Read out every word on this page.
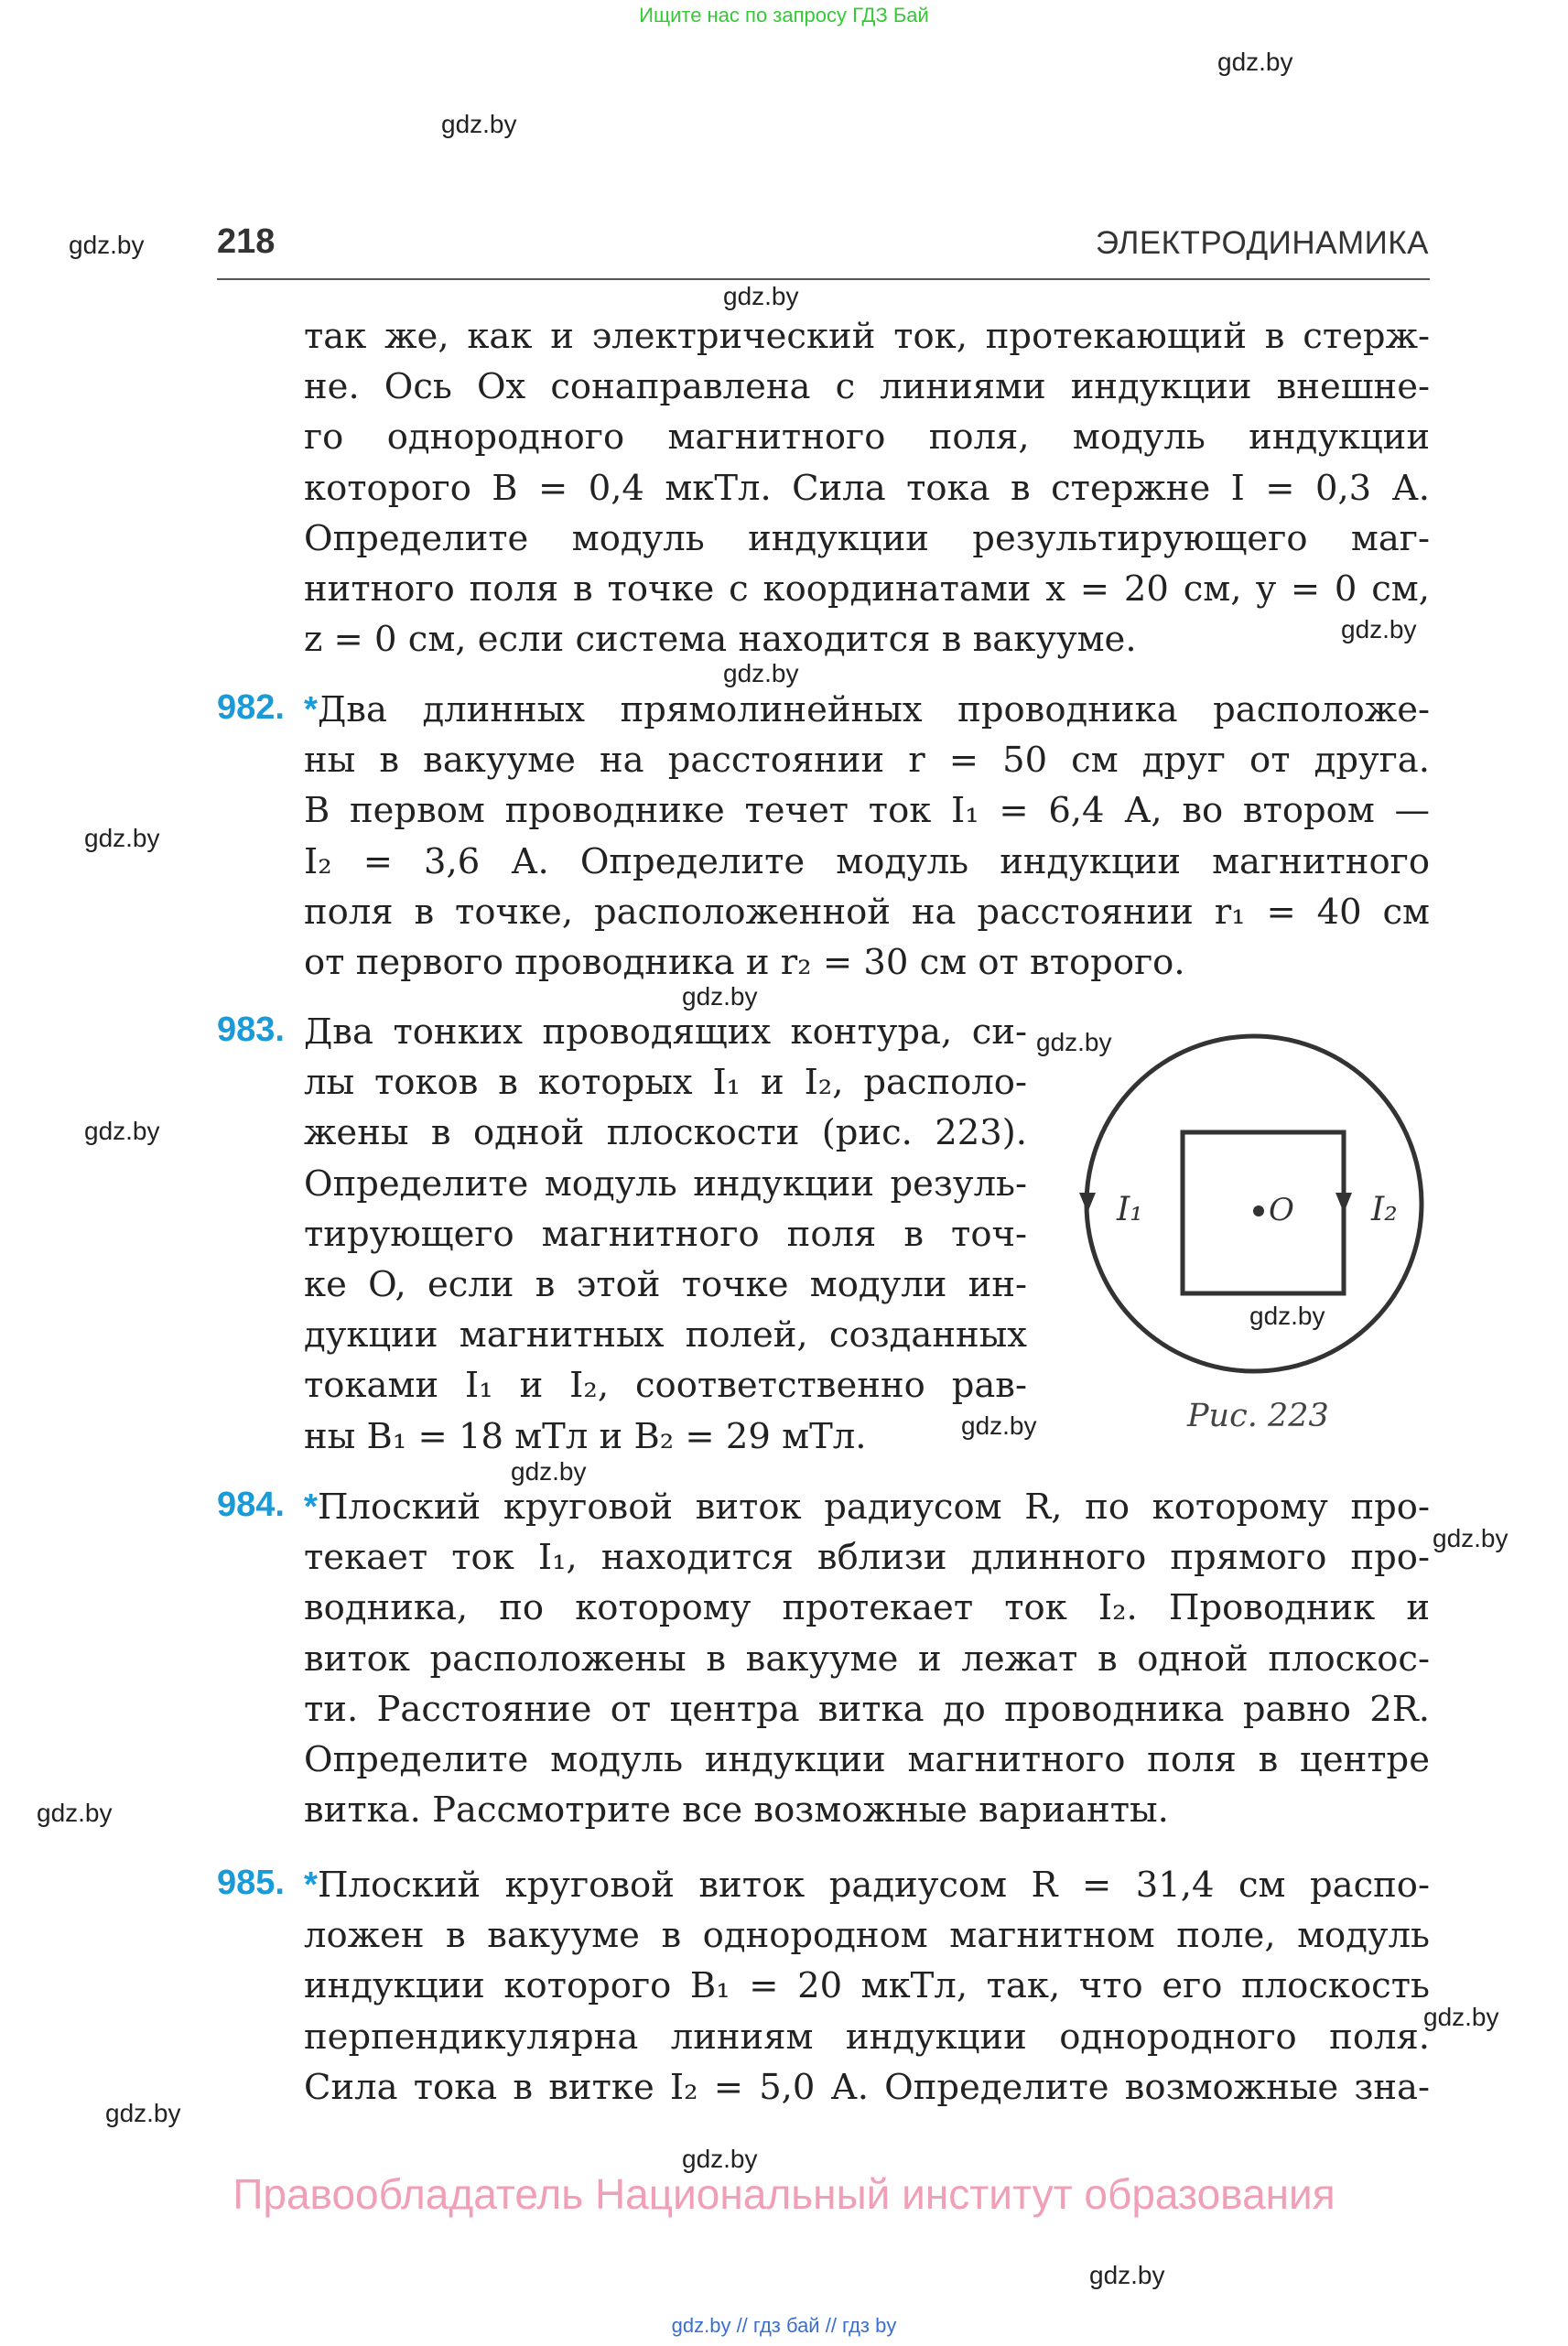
Ищите нас по запросу ГДЗ Бай
gdz.by
gdz.by
gdz.by
gdz.by
gdz.by
gdz.by
gdz.by
gdz.by
gdz.by
gdz.by
gdz.by
gdz.by
gdz.by
gdz.by
gdz.by
gdz.by
gdz.by
gdz.by
gdz.by
218	ЭЛЕКТРОДИНАМИКА
так же, как и электрический ток, протекающий в стерж-
не. Ось Ox сонаправлена с линиями индукции внешне-
го однородного магнитного поля, модуль индукции
которого B = 0,4 мкТл. Сила тока в стержне I = 0,3 А.
Определите модуль индукции результирующего маг-
нитного поля в точке с координатами x = 20 см, y = 0 см,
z = 0 см, если система находится в вакууме.
982. *Два длинных прямолинейных проводника расположе-
ны в вакууме на расстоянии r = 50 см друг от друга.
В первом проводнике течет ток I₁ = 6,4 А, во втором —
I₂ = 3,6 А. Определите модуль индукции магнитного
поля в точке, расположенной на расстоянии r₁ = 40 см
от первого проводника и r₂ = 30 см от второго.
983. Два тонких проводящих контура, си-
лы токов в которых I₁ и I₂, располо-
жены в одной плоскости (рис. 223).
Определите модуль индукции резуль-
тирующего магнитного поля в точ-
ке O, если в этой точке модули ин-
дукции магнитных полей, созданных
токами I₁ и I₂, соответственно рав-
ны B₁ = 18 мТл и B₂ = 29 мТл.
I₁	O I₂
Рис. 223
984. *Плоский круговой виток радиусом R, по которому про-
текает ток I₁, находится вблизи длинного прямого про-
водника, по которому протекает ток I₂. Проводник и
виток расположены в вакууме и лежат в одной плоскос-
ти. Расстояние от центра витка до проводника равно 2R.
Определите модуль индукции магнитного поля в центре
витка. Рассмотрите все возможные варианты.
985. *Плоский круговой виток радиусом R = 31,4 см распо-
ложен в вакууме в однородном магнитном поле, модуль
индукции которого B₁ = 20 мкТл, так, что его плоскость
перпендикулярна линиям индукции однородного поля.
Сила тока в витке I₂ = 5,0 А. Определите возможные зна-
Правообладатель Национальный институт образования
gdz.by // гдз бай // гдз by
